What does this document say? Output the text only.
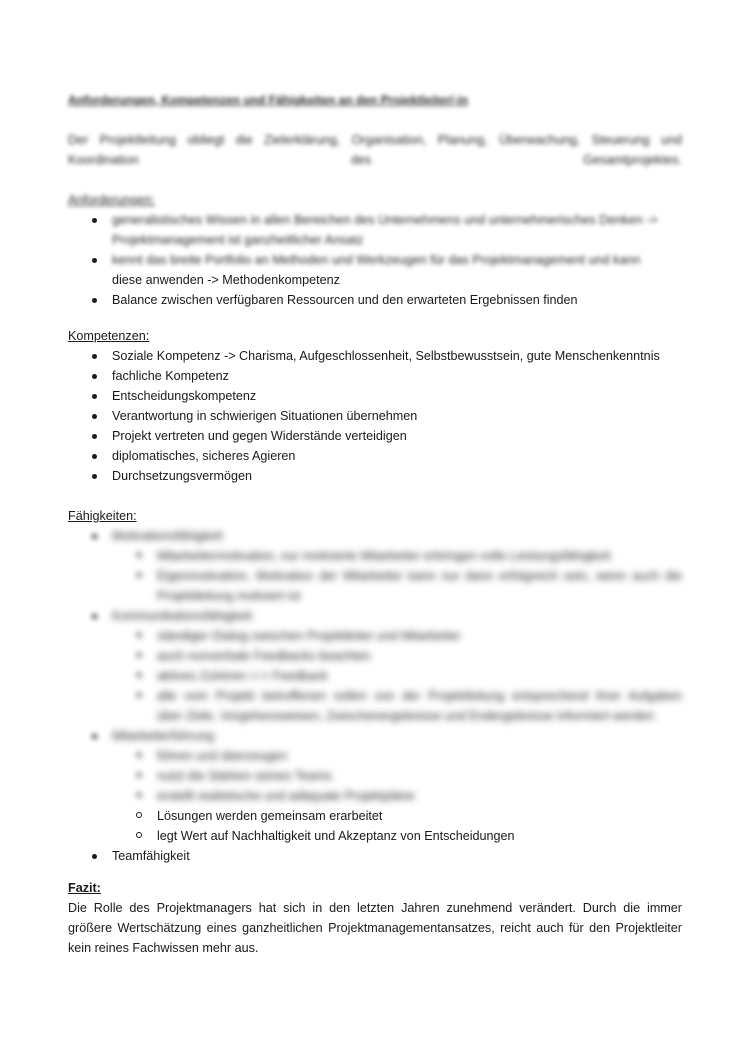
Anforderungen, Kompetenzen und Fähigkeiten an den Projektleiter/-in
Der Projektleitung obliegt die Zielerklärung, Organisation, Planung, Überwachung, Steuerung und Koordination des Gesamtprojektes.
Anforderungen:
generalistisches Wissen in allen Bereichen des Unternehmens und unternehmerisches Denken ->
Projektmanagement ist ganzheitlicher Ansatz
kennt das breite Portfolio an Methoden und Werkzeugen für das Projektmanagement und kann
diese anwenden -> Methodenkompetenz
Balance zwischen verfügbaren Ressourcen und den erwarteten Ergebnissen finden
Kompetenzen:
Soziale Kompetenz -> Charisma, Aufgeschlossenheit, Selbstbewusstsein, gute Menschenkenntnis
fachliche Kompetenz
Entscheidungskompetenz
Verantwortung in schwierigen Situationen übernehmen
Projekt vertreten und gegen Widerstände verteidigen
diplomatisches, sicheres Agieren
Durchsetzungsvermögen
Fähigkeiten:
Motivationsfähigkeit
Mitarbeitermotivation, nur motivierte Mitarbeiter erbringen volle Leistungsfähigkeit
Eigenmotivation, Motivation der Mitarbeiter kann nur dann erfolgreich sein, wenn auch die
Projektleitung motiviert ist
Kommunikationsfähigkeit
ständiger Dialog zwischen Projektleiter und Mitarbeiter
auch nonverbale Feedbacks beachten
aktives Zuhören <-> Feedback
alle vom Projekt betroffenen sollen von der Projektleitung entsprechend ihrer Aufgaben
über Ziele, Vorgehensweisen, Zwischenergebnisse und Endergebnisse informiert werden
Mitarbeiterführung
führen und überzeugen
nutzt die Stärken seines Teams
erstellt realistische und adäquate Projektpläne
Lösungen werden gemeinsam erarbeitet
legt Wert auf Nachhaltigkeit und Akzeptanz von Entscheidungen
Teamfähigkeit
Fazit:
Die Rolle des Projektmanagers hat sich in den letzten Jahren zunehmend verändert. Durch die immer
größere Wertschätzung eines ganzheitlichen Projektmanagementansatzes, reicht auch für den Projektleiter
kein reines Fachwissen mehr aus.
